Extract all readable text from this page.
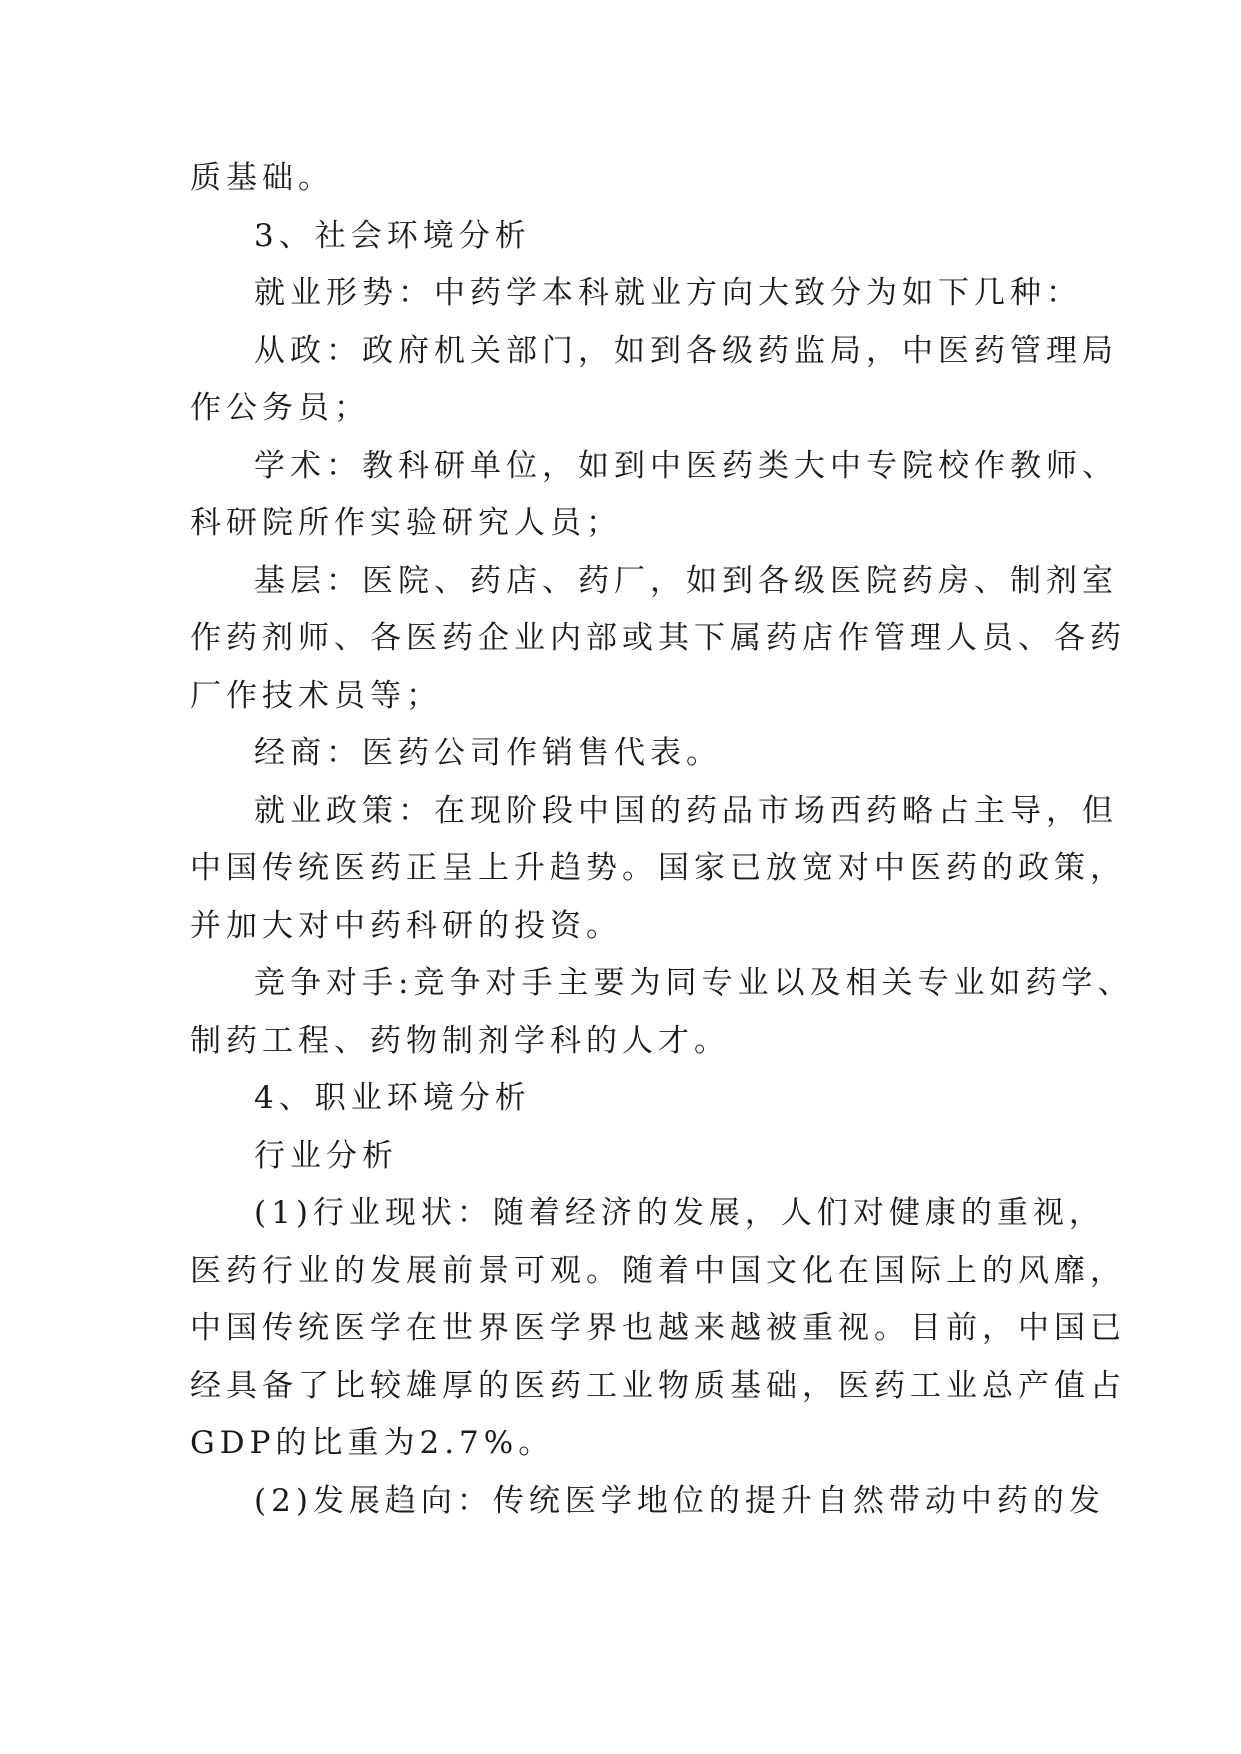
质基础。
3、社会环境分析
就业形势：中药学本科就业方向大致分为如下几种：
从政：政府机关部门，如到各级药监局，中医药管理局
作公务员；
学术：教科研单位，如到中医药类大中专院校作教师、
科研院所作实验研究人员；
基层：医院、药店、药厂，如到各级医院药房、制剂室
作药剂师、各医药企业内部或其下属药店作管理人员、各药
厂作技术员等；
经商：医药公司作销售代表。
就业政策：在现阶段中国的药品市场西药略占主导，但
中国传统医药正呈上升趋势。国家已放宽对中医药的政策，
并加大对中药科研的投资。
竞争对手:竞争对手主要为同专业以及相关专业如药学、
制药工程、药物制剂学科的人才。
4、职业环境分析
行业分析
(1)行业现状：随着经济的发展，人们对健康的重视，
医药行业的发展前景可观。随着中国文化在国际上的风靡，
中国传统医学在世界医学界也越来越被重视。目前，中国已
经具备了比较雄厚的医药工业物质基础，医药工业总产值占
GDP的比重为2.7%。
(2)发展趋向：传统医学地位的提升自然带动中药的发
